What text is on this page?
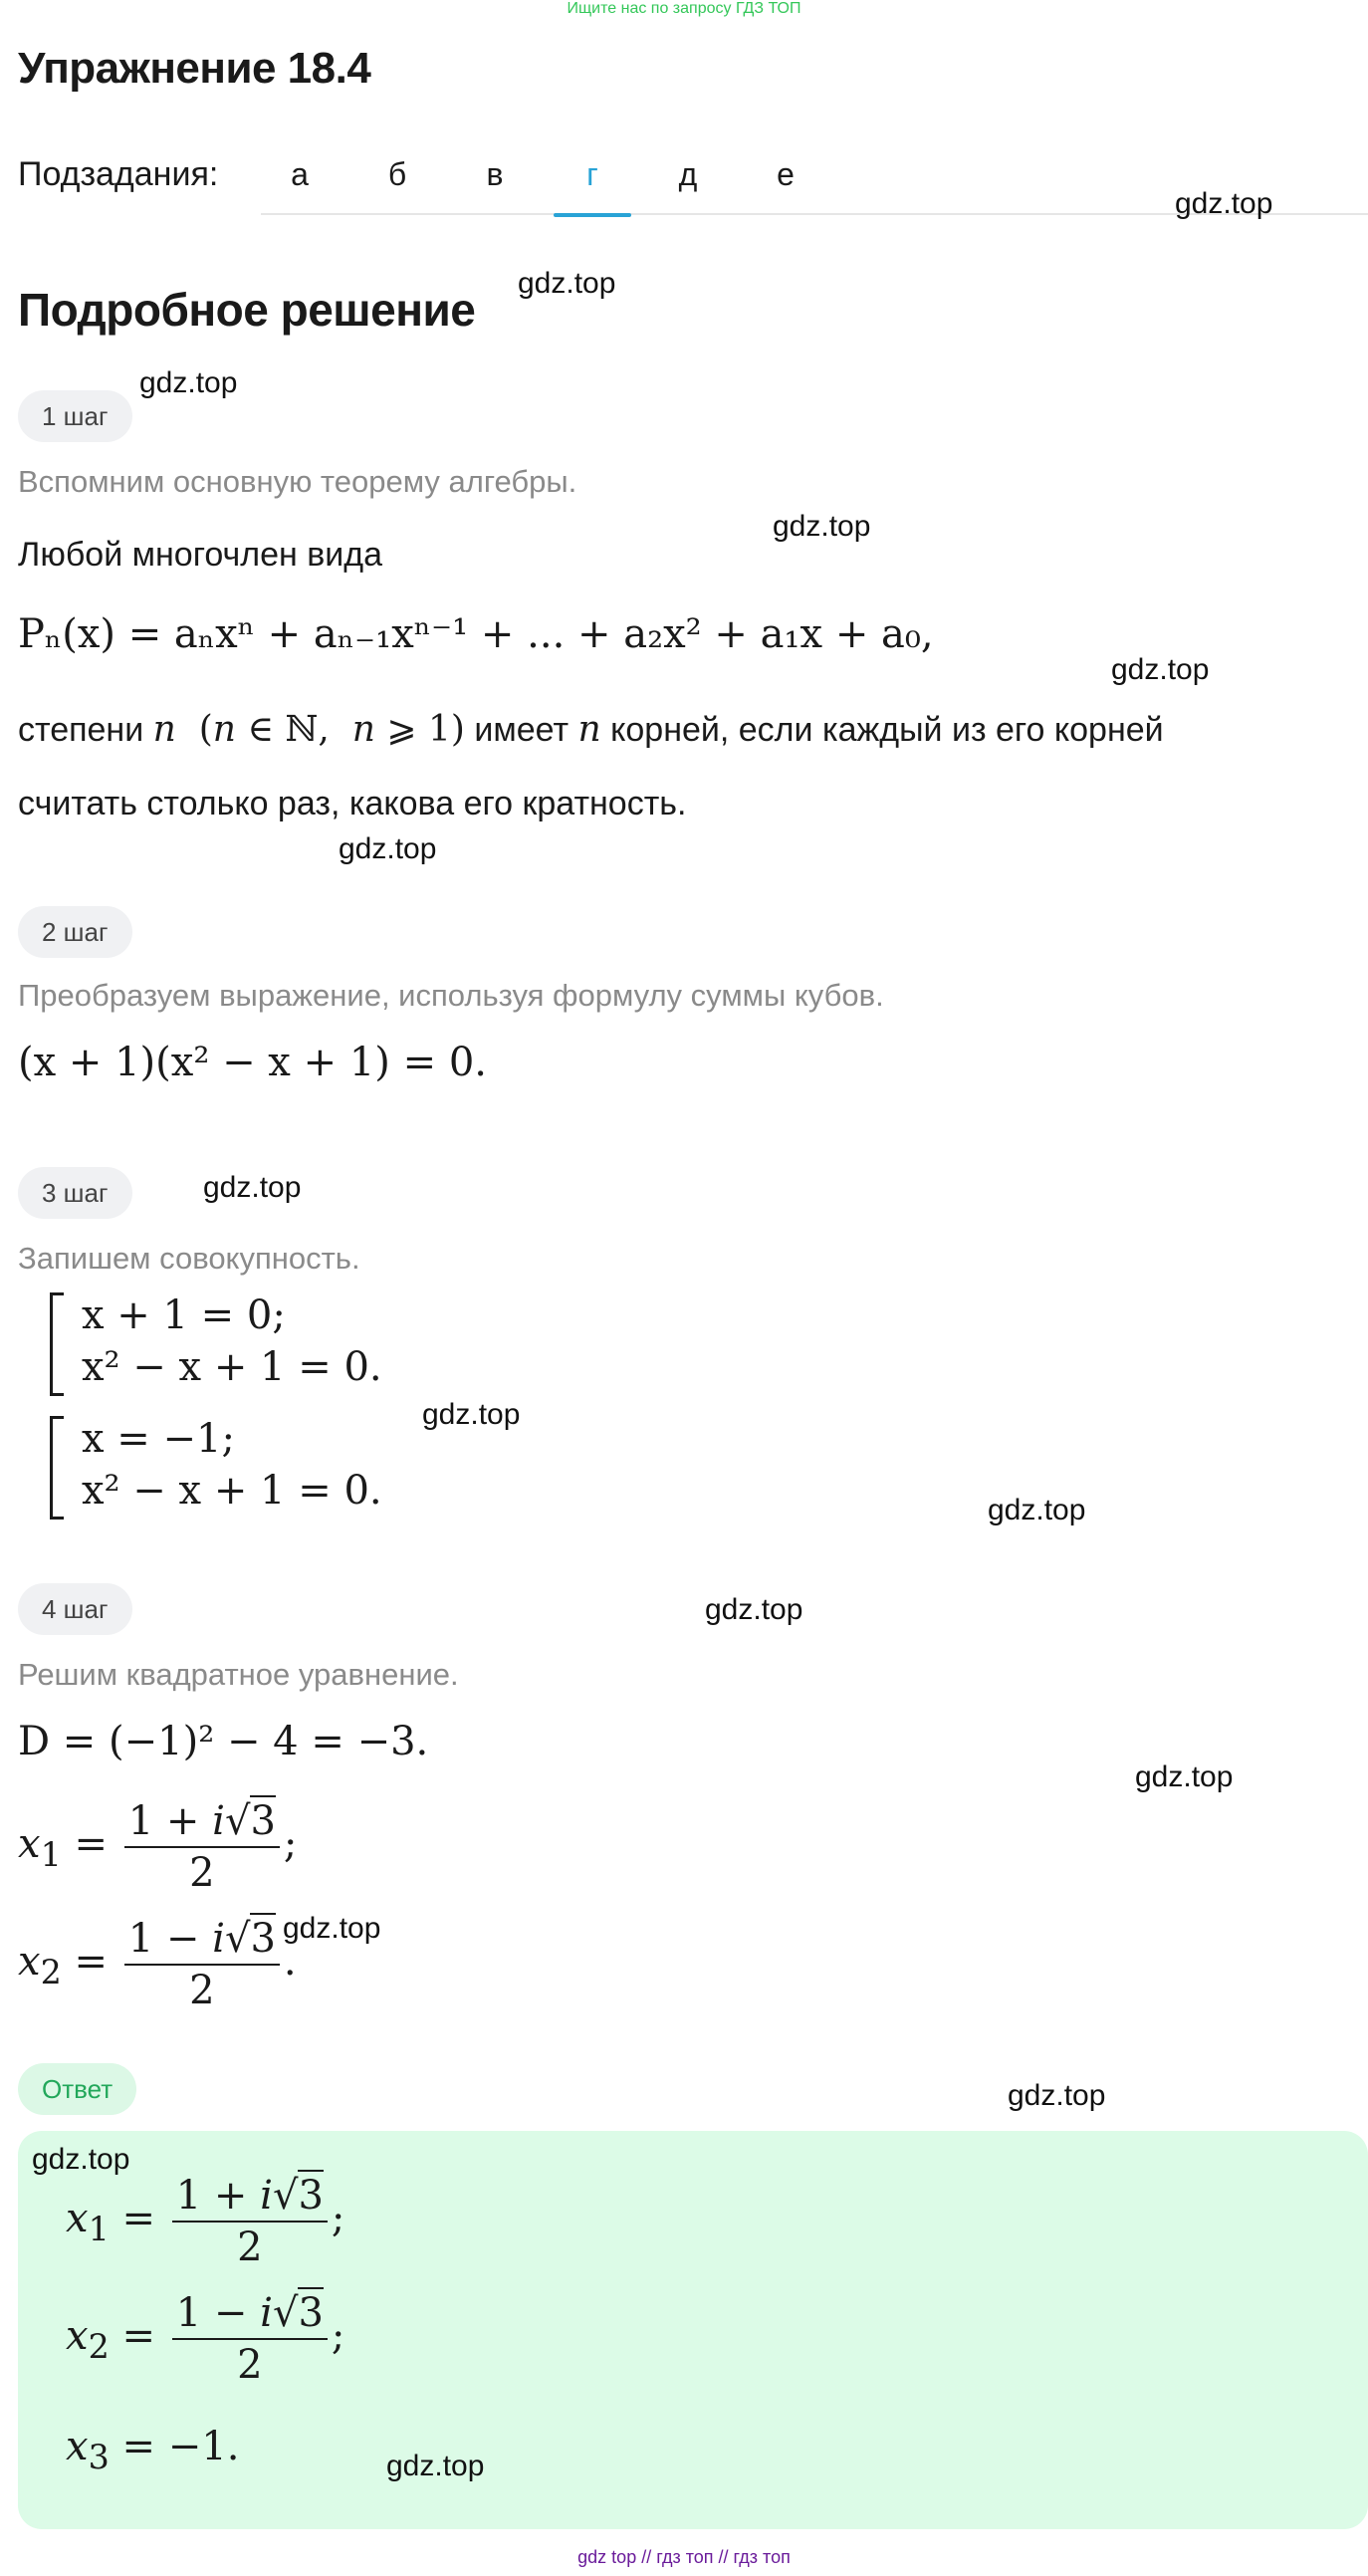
Ищите нас по запросу ГДЗ ТОП
Упражнение 18.4
Подзадания:	а	б	в	г	д	е
Подробное решение
1 шаг
Вспомним основную теорему алгебры.
Любой многочлен вида
Pₙ(x) = aₙxⁿ + aₙ₋₁xⁿ⁻¹ + ... + a₂x² + a₁x + a₀,
степени n  (n ∈ ℕ,  n ⩾ 1) имеет n корней, если каждый из его корней
считать столько раз, какова его кратность.
2 шаг
Преобразуем выражение, используя формулу суммы кубов.
(x + 1)(x² − x + 1) = 0.
3 шаг
Запишем совокупность.
x + 1 = 0;
x² − x + 1 = 0.
x = −1;
x² − x + 1 = 0.
4 шаг
Решим квадратное уравнение.
D = (−1)² − 4 = −3.
$x_1 = \frac{1 + i√3}{2}$ ;
$x_2 = \frac{1 - i√3}{2}$ .
Ответ
$x_1 = \frac{1 + i√3}{2}$ ;
$x_2 = \frac{1 - i√3}{2}$ ;
$x_3 = -1$.
gdz.top
gdz.top
gdz.top
gdz.top
gdz.top
gdz.top
gdz.top
gdz.top
gdz.top
gdz.top
gdz.top
gdz.top
gdz.top
gdz.top
gdz.top
gdz top // гдз топ // гдз топ
